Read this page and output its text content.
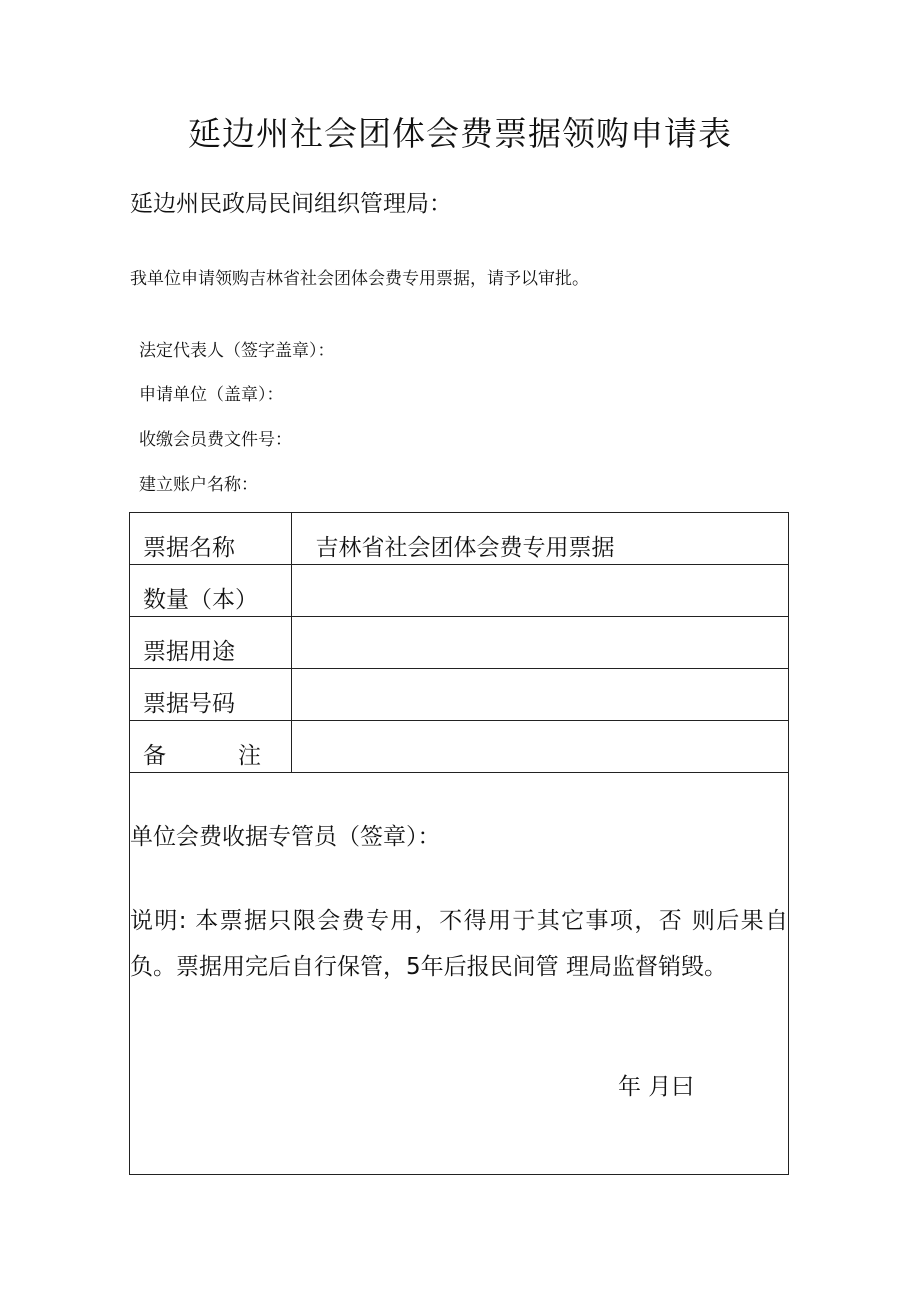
延边州社会团体会费票据领购申请表
延边州民政局民间组织管理局：
我单位申请领购吉林省社会团体会费专用票据，请予以审批。
法定代表人（签字盖章）：
申请单位（盖章）：
收缴会员费文件号：
建立账户名称：
票据名称	吉林省社会团体会费专用票据
数量（本）	
票据用途	
票据号码	

备 注	

单位会费收据专管员（签章）：
说明: 本票据只限会费专用，不得用于其它事项，否 则后果自负。票据用完后自行保管，5年后报民间管 理局监督销毁。
年 月曰
